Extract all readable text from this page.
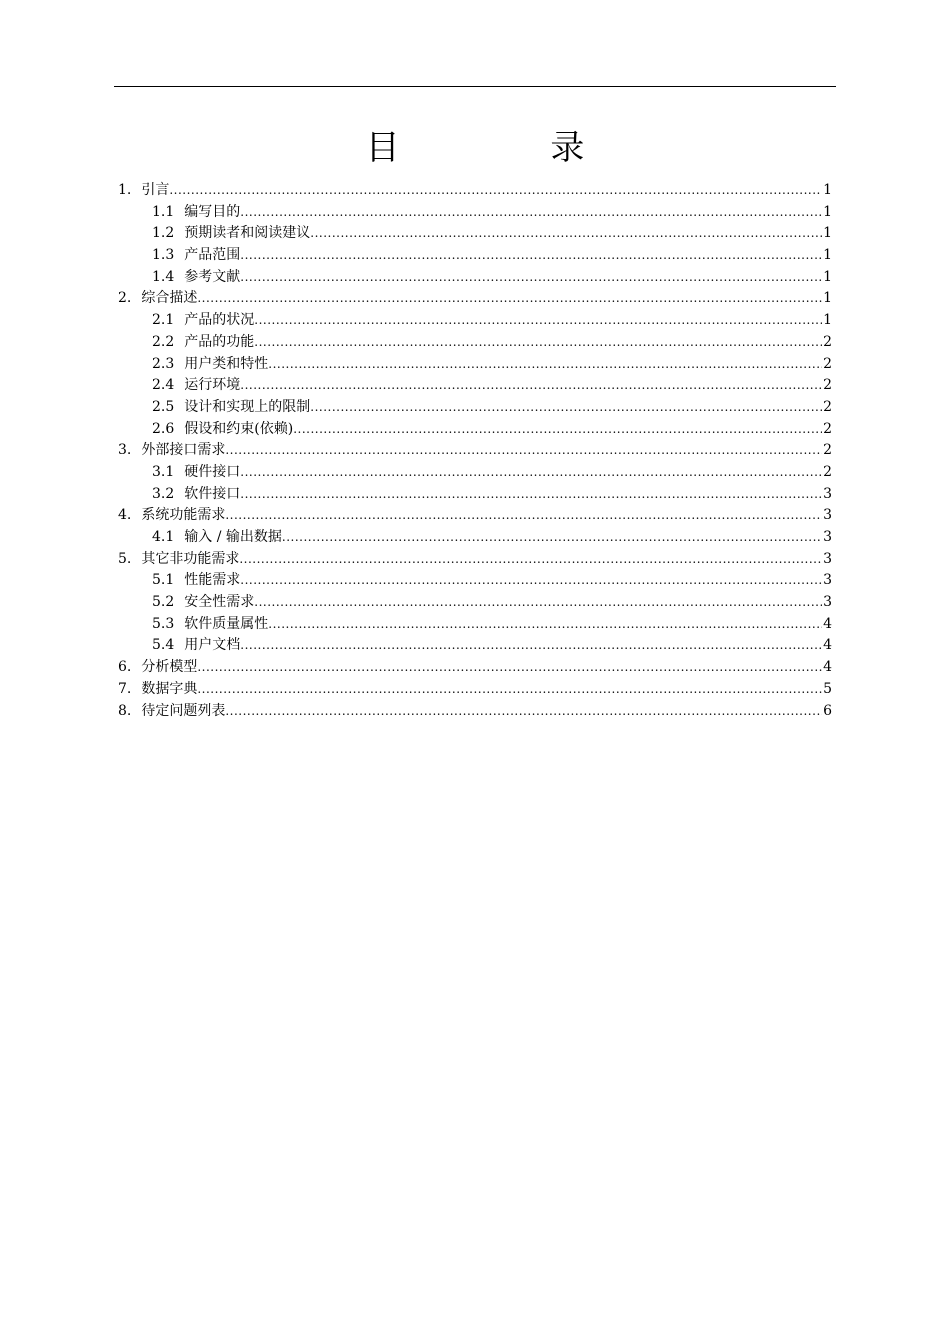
目 录
1. 引言 .....	1
1.1 编写目的 .....	1
1.2 预期读者和阅读建议 .....	1
1.3 产品范围 .....	1
1.4 参考文献 .....	1
2. 综合描述 .....	1
2.1 产品的状况 .....	1
2.2 产品的功能 .....	2
2.3 用户类和特性 .....	2
2.4 运行环境 .....	2
2.5 设计和实现上的限制 .....	2
2.6 假设和约束(依赖) .....	2
3. 外部接口需求 .....	2
3.1 硬件接口 .....	2
3.2 软件接口 .....	3
4. 系统功能需求 .....	3
4.1 输入 / 输出数据 .....	3
5. 其它非功能需求 .....	3
5.1 性能需求 .....	3
5.2 安全性需求 .....	3
5.3 软件质量属性 .....	4
5.4 用户文档 .....	4
6. 分析模型 .....	4
7. 数据字典 .....	5
8. 待定问题列表 .....	6
